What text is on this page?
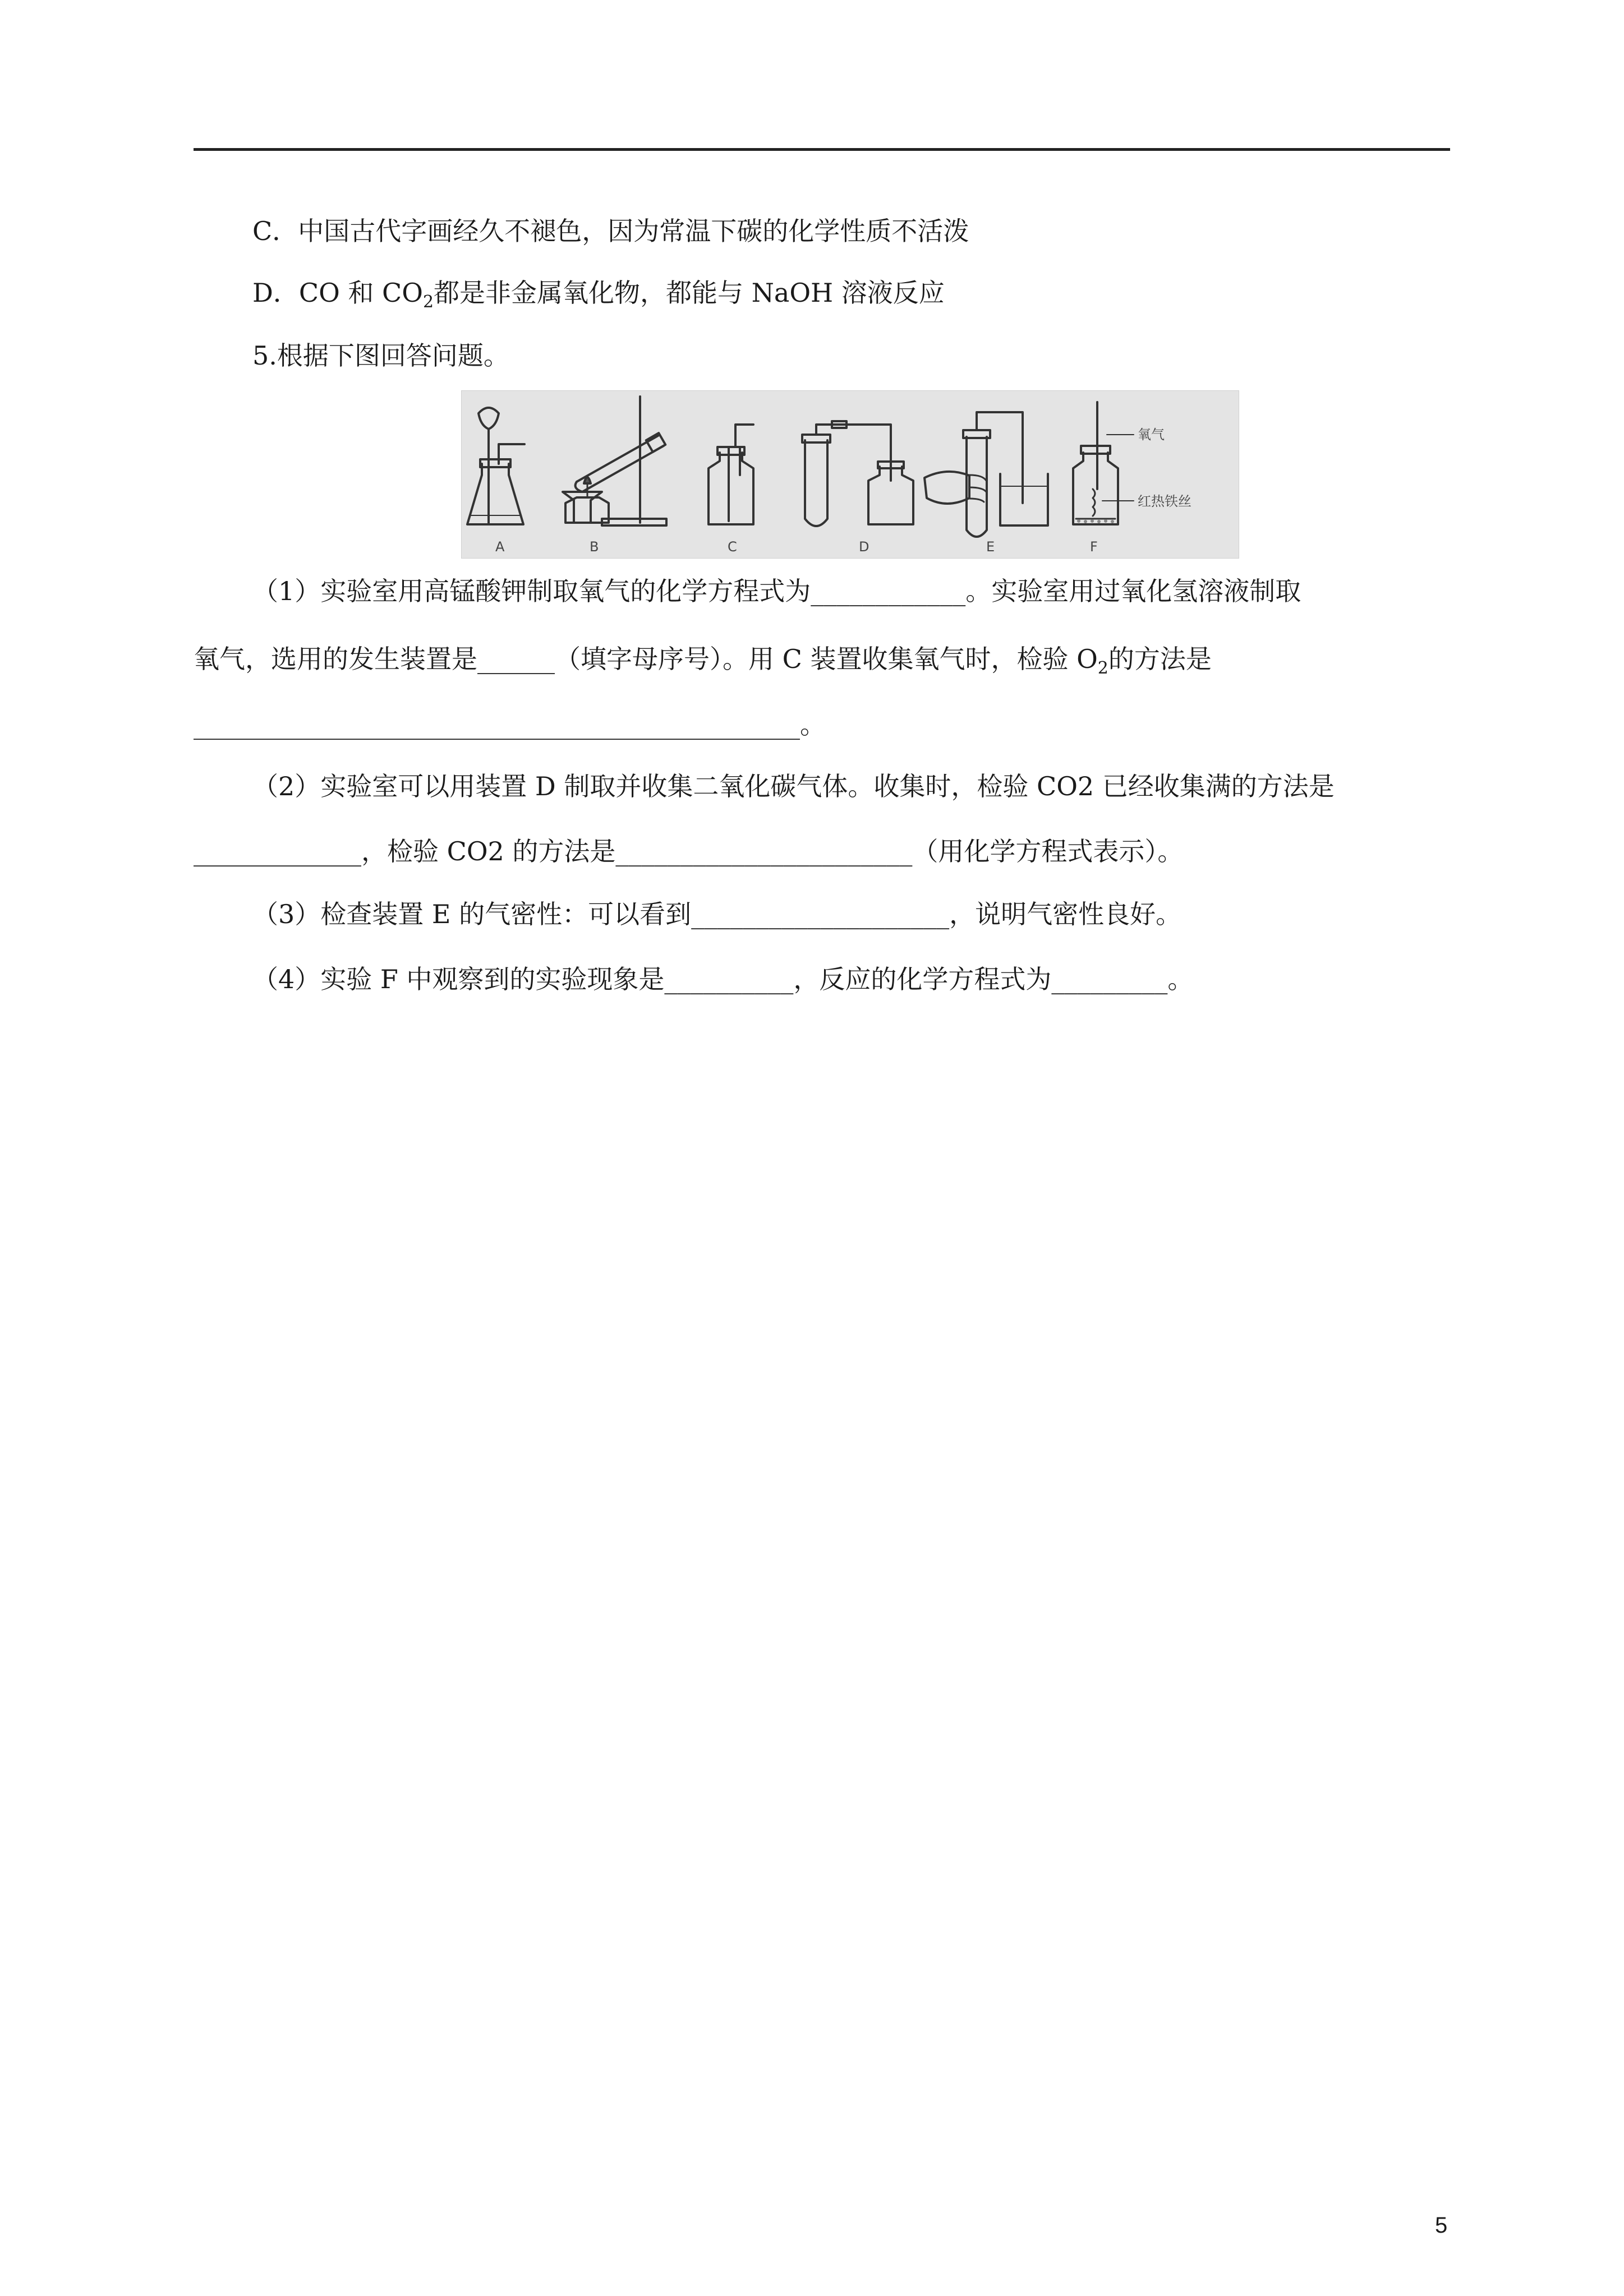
C．中国古代字画经久不褪色，因为常温下碳的化学性质不活泼
D．CO 和 $CO_2$都是非金属氧化物，都能与 NaOH 溶液反应
5.根据下图回答问题。
氧气
红热铁丝
A	B	C	D	E	F
（1）实验室用高锰酸钾制取氧气的化学方程式为____________。实验室用过氧化氢溶液制取
氧气，选用的发生装置是______（填字母序号）。用 C 装置收集氧气时，检验 $O_2$的方法是
_______________________________________________。
（2）实验室可以用装置 D 制取并收集二氧化碳气体。收集时，检验 CO2 已经收集满的方法是
_____________，检验 CO2 的方法是_______________________（用化学方程式表示）。
（3）检查装置 E 的气密性：可以看到____________________，说明气密性良好。
（4）实验 F 中观察到的实验现象是__________，反应的化学方程式为_________。
5
